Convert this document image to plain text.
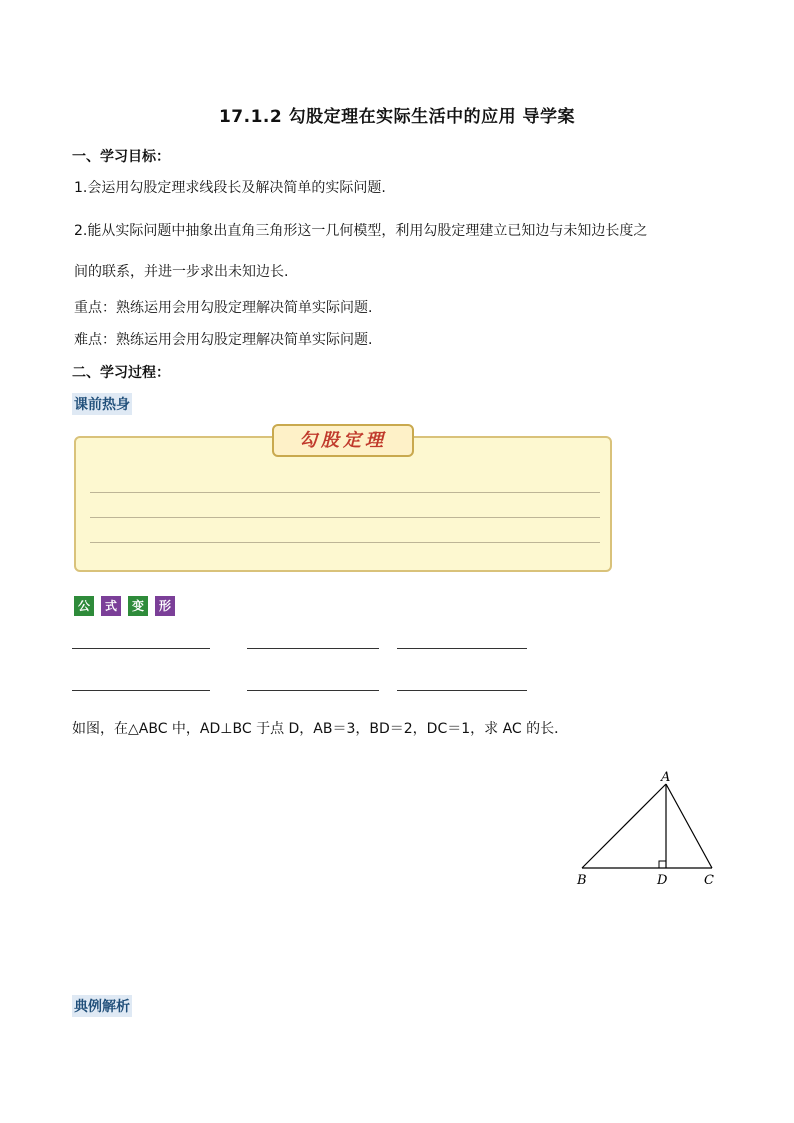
17.1.2 勾股定理在实际生活中的应用 导学案
一、学习目标：
1.会运用勾股定理求线段长及解决简单的实际问题.
2.能从实际问题中抽象出直角三角形这一几何模型，利用勾股定理建立已知边与未知边长度之
间的联系，并进一步求出未知边长.
重点：熟练运用会用勾股定理解决简单实际问题.
难点：熟练运用会用勾股定理解决简单实际问题.
二、学习过程：
课前热身
勾股定理
公	式	变	形
如图，在△ABC 中，AD⊥BC 于点 D，AB＝3，BD＝2，DC＝1，求 AC 的长．
A
B	D	C
典例解析
